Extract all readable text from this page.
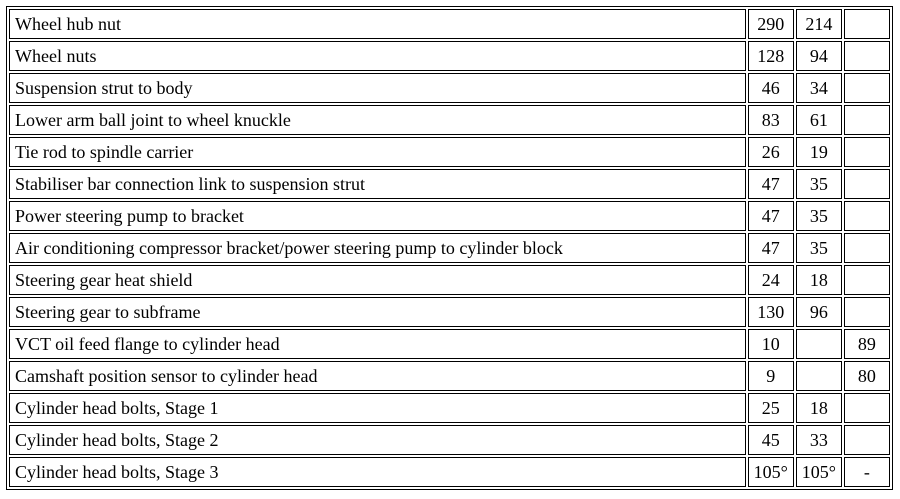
Wheel hub nut	290	214	
Wheel nuts	128	94	
Suspension strut to body	46	34	
Lower arm ball joint to wheel knuckle	83	61	
Tie rod to spindle carrier	26	19	
Stabiliser bar connection link to suspension strut	47	35	
Power steering pump to bracket	47	35	
Air conditioning compressor bracket/power steering pump to cylinder block	47	35	
Steering gear heat shield	24	18	
Steering gear to subframe	130	96	
VCT oil feed flange to cylinder head	10		89
Camshaft position sensor to cylinder head	9		80
Cylinder head bolts, Stage 1	25	18	
Cylinder head bolts, Stage 2	45	33	
Cylinder head bolts, Stage 3	105°	105°	-
